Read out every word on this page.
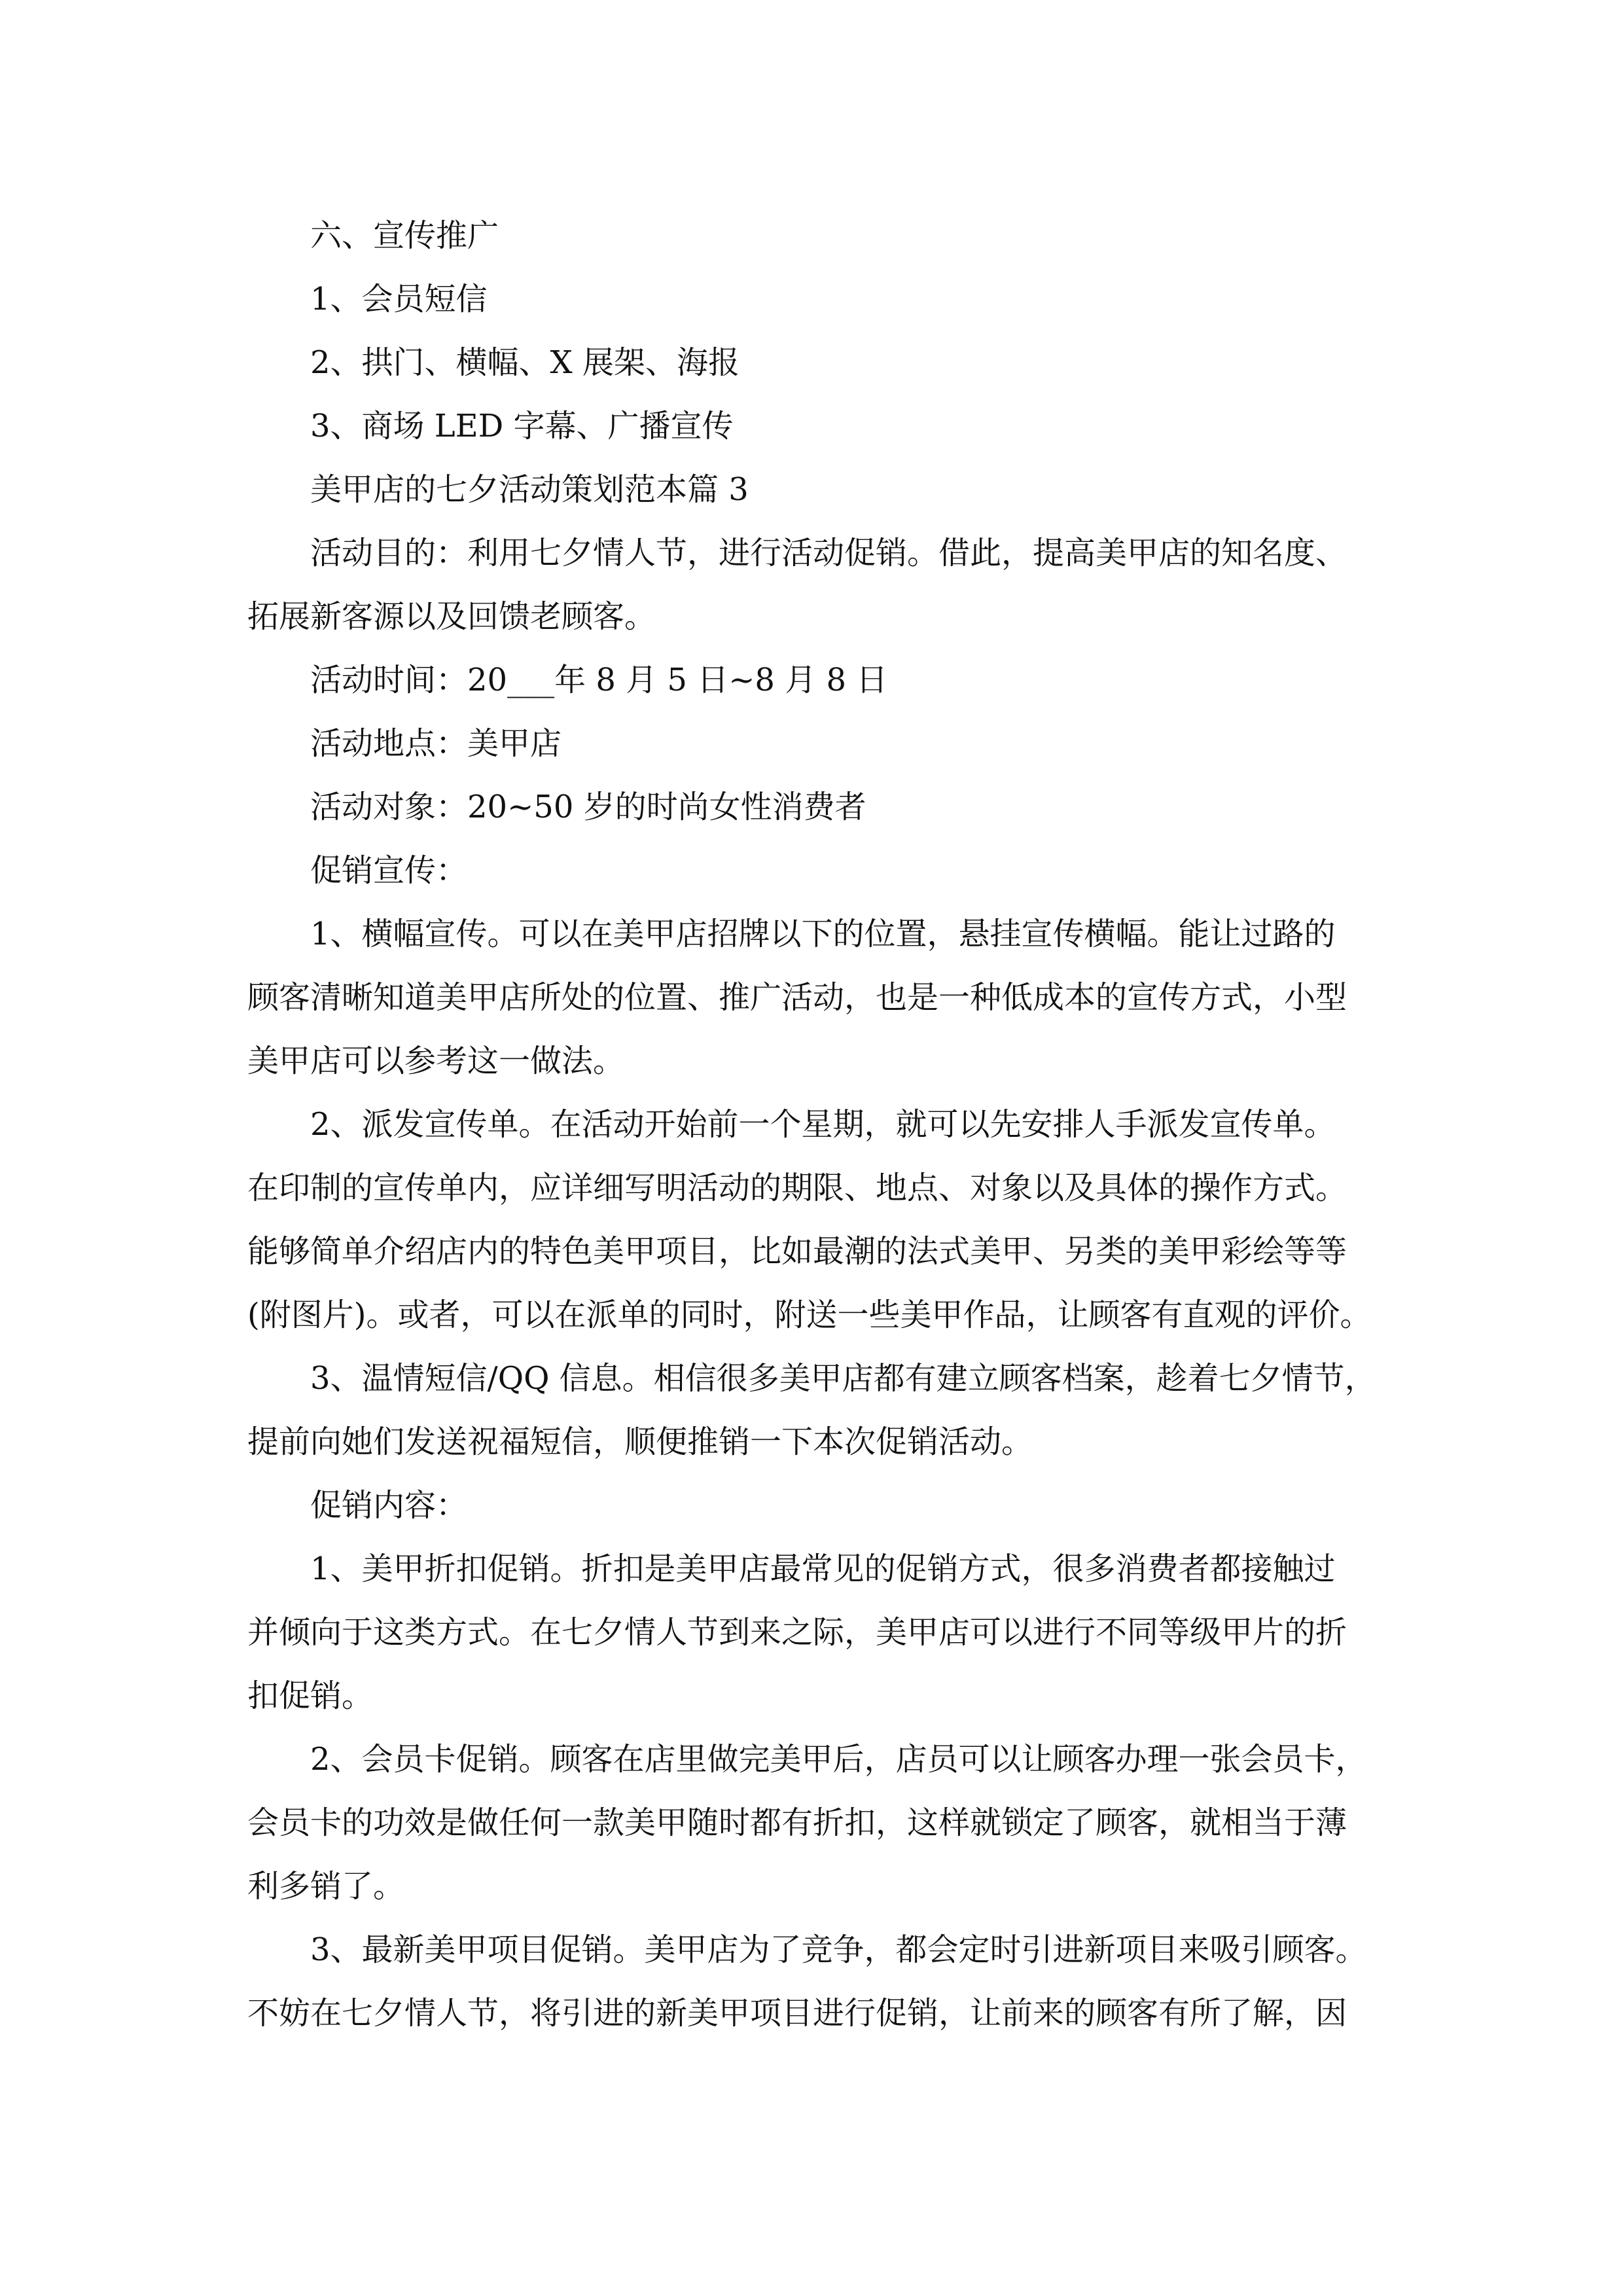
六、宣传推广
1、会员短信
2、拱门、横幅、X 展架、海报
3、商场 LED 字幕、广播宣传
美甲店的七夕活动策划范本篇 3
活动目的：利用七夕情人节，进行活动促销。借此，提高美甲店的知名度、
拓展新客源以及回馈老顾客。
活动时间：20___年 8 月 5 日~8 月 8 日
活动地点：美甲店
活动对象：20~50 岁的时尚女性消费者
促销宣传：
1、横幅宣传。可以在美甲店招牌以下的位置，悬挂宣传横幅。能让过路的
顾客清晰知道美甲店所处的位置、推广活动，也是一种低成本的宣传方式，小型
美甲店可以参考这一做法。
2、派发宣传单。在活动开始前一个星期，就可以先安排人手派发宣传单。
在印制的宣传单内，应详细写明活动的期限、地点、对象以及具体的操作方式。
能够简单介绍店内的特色美甲项目，比如最潮的法式美甲、另类的美甲彩绘等等
(附图片)。或者，可以在派单的同时，附送一些美甲作品，让顾客有直观的评价。
3、温情短信/QQ 信息。相信很多美甲店都有建立顾客档案，趁着七夕情节，
提前向她们发送祝福短信，顺便推销一下本次促销活动。
促销内容：
1、美甲折扣促销。折扣是美甲店最常见的促销方式，很多消费者都接触过
并倾向于这类方式。在七夕情人节到来之际，美甲店可以进行不同等级甲片的折
扣促销。
2、会员卡促销。顾客在店里做完美甲后，店员可以让顾客办理一张会员卡，
会员卡的功效是做任何一款美甲随时都有折扣，这样就锁定了顾客，就相当于薄
利多销了。
3、最新美甲项目促销。美甲店为了竞争，都会定时引进新项目来吸引顾客。
不妨在七夕情人节，将引进的新美甲项目进行促销，让前来的顾客有所了解，因
